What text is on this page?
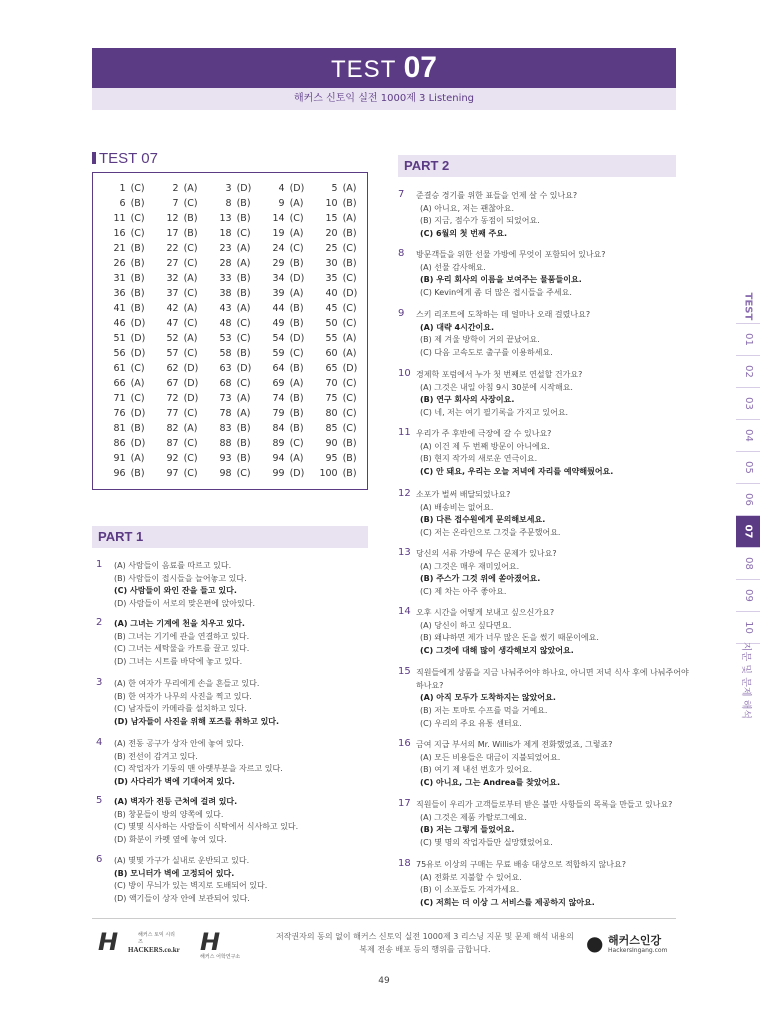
TEST 07
해커스 신토익 실전 1000제 3 Listening
TEST 07
1 (C)	2 (A)	3 (D)	4 (D)	5 (A)
6 (B)	7 (C)	8 (B)	9 (A)	10 (B)
11 (C)	12 (B)	13 (B)	14 (C)	15 (A)
16 (C)	17 (B)	18 (C)	19 (A)	20 (B)
21 (B)	22 (C)	23 (A)	24 (C)	25 (C)
26 (B)	27 (C)	28 (A)	29 (B)	30 (B)
31 (B)	32 (A)	33 (B)	34 (D)	35 (C)
36 (B)	37 (C)	38 (B)	39 (A)	40 (D)
41 (B)	42 (A)	43 (A)	44 (B)	45 (C)
46 (D)	47 (C)	48 (C)	49 (B)	50 (C)
51 (D)	52 (A)	53 (C)	54 (D)	55 (A)
56 (D)	57 (C)	58 (B)	59 (C)	60 (A)
61 (C)	62 (D)	63 (D)	64 (B)	65 (D)
66 (A)	67 (D)	68 (C)	69 (A)	70 (C)
71 (C)	72 (D)	73 (A)	74 (B)	75 (C)
76 (D)	77 (C)	78 (A)	79 (B)	80 (C)
81 (B)	82 (A)	83 (B)	84 (B)	85 (C)
86 (D)	87 (C)	88 (B)	89 (C)	90 (B)
91 (A)	92 (C)	93 (B)	94 (A)	95 (B)
96 (B)	97 (C)	98 (C)	99 (D)	100 (B)
PART 1
1	(A) 사람들이 음료를 따르고 있다.
(B) 사람들이 접시들을 늘어놓고 있다.
(C) 사람들이 와인 잔을 들고 있다.
(D) 사람들이 서로의 맞은편에 앉아있다.
2	(A) 그녀는 기계에 천을 치우고 있다.
(B) 그녀는 기기에 관을 연결하고 있다.
(C) 그녀는 세탁물을 카트를 끌고 있다.
(D) 그녀는 시트를 바닥에 놓고 있다.
3	(A) 한 여자가 무리에게 손을 흔들고 있다.
(B) 한 여자가 나무의 사진을 찍고 있다.
(C) 남자들이 카메라를 설치하고 있다.
(D) 남자들이 사진을 위해 포즈를 취하고 있다.
4	(A) 전동 공구가 상자 안에 놓여 있다.
(B) 전선이 감겨고 있다.
(C) 작업자가 기둥의 맨 아랫부분을 자르고 있다.
(D) 사다리가 벽에 기대어져 있다.
5	(A) 벽자가 전등 근처에 걸려 있다.
(B) 창문들이 방의 양쪽에 있다.
(C) 몇몇 식사하는 사람들이 식탁에서 식사하고 있다.
(D) 화분이 카펫 옆에 놓여 있다.
6	(A) 몇몇 가구가 실내로 운반되고 있다.
(B) 모니터가 벽에 고정되어 있다.
(C) 방이 무늬가 있는 벽지로 도배되어 있다.
(D) 액기들이 상자 안에 보관되어 있다.
PART 2
7	준결승 경기를 위한 표들을 언제 살 수 있나요?
(A) 아니요, 저는 괜찮아요.
(B) 지금, 점수가 동점이 되었어요.
(C) 6월의 첫 번째 주요.
8	방문객들을 위한 선물 가방에 무엇이 포함되어 있나요?
(A) 선물 감사해요.
(B) 우리 회사의 이름을 보여주는 물품들이요.
(C) Kevin에게 좀 더 많은 접시들을 주세요.
9	스키 리조트에 도착하는 데 얼마나 오래 걸렸나요?
(A) 대략 4시간이요.
(B) 제 겨울 방학이 거의 끝났어요.
(C) 다음 고속도로 출구를 이용하세요.
10 경제학 포럼에서 누가 첫 번째로 연설할 건가요?
(A) 그것은 내일 아침 9시 30분에 시작해요.
(B) 연구 회사의 사장이요.
(C) 네, 저는 여기 필기록을 가지고 있어요.
11 우리가 주 후반에 극장에 갈 수 있나요?
(A) 이건 제 두 번째 방문이 아니에요.
(B) 현지 작가의 새로운 연극이요.
(C) 안 돼요, 우리는 오늘 저녁에 자리를 예약해뒀어요.
12 소포가 벌써 배달되었나요?
(A) 배송비는 없어요.
(B) 다른 접수원에게 문의해보세요.
(C) 저는 온라인으로 그것을 주문했어요.
13 당신의 서류 가방에 무슨 문제가 있나요?
(A) 그것은 매우 재미있어요.
(B) 주스가 그것 위에 쏟아졌어요.
(C) 제 차는 아주 좋아요.
14 오후 시간을 어떻게 보내고 싶으신가요?
(A) 당신이 하고 싶다면요.
(B) 왜냐하면 제가 너무 많은 돈을 썼기 때문이에요.
(C) 그것에 대해 많이 생각해보지 않았어요.
15 직원들에게 상품을 지금 나눠주어야 하나요, 아니면 저녁 식사 후에 나눠주어야
하나요?
(A) 아직 모두가 도착하지는 않았어요.
(B) 저는 토마토 수프를 먹을 거예요.
(C) 우리의 주요 유통 센터요.
16 금여 지급 부서의 Mr. Willis가 제게 전화했었죠, 그렇죠?
(A) 모든 비용들은 대금이 지불되었어요.
(B) 여기 제 내선 번호가 있어요.
(C) 아니요, 그는 Andrea를 찾았어요.
17 직원들이 우리가 고객들로부터 받은 불만 사항들의 목록을 만들고 있나요?
(A) 그것은 제품 카탈로그예요.
(B) 저는 그렇게 들었어요.
(C) 몇 명의 작업자들만 실망했었어요.
18 75유로 이상의 구매는 무료 배송 대상으로 적합하지 않나요?
(A) 전화로 지불할 수 있어요.
(B) 이 소포들도 가져가세요.
(C) 저희는 더 이상 그 서비스를 제공하지 않아요.
TEST
01
02
03
04
05
06
07
08
09
10
지문 및 문제 해석
𝙃	해커스 토익 시리즈
HACKERS.co.kr 𝙃
해커스 어학연구소
저작권자의 동의 없이 해커스 신토익 실전 1000제 3 리스닝 지문 및 문제 해석 내용의
복제 전송 배포 등의 행위를 금합니다.	● 해커스인강
HackersIngang.com
49
